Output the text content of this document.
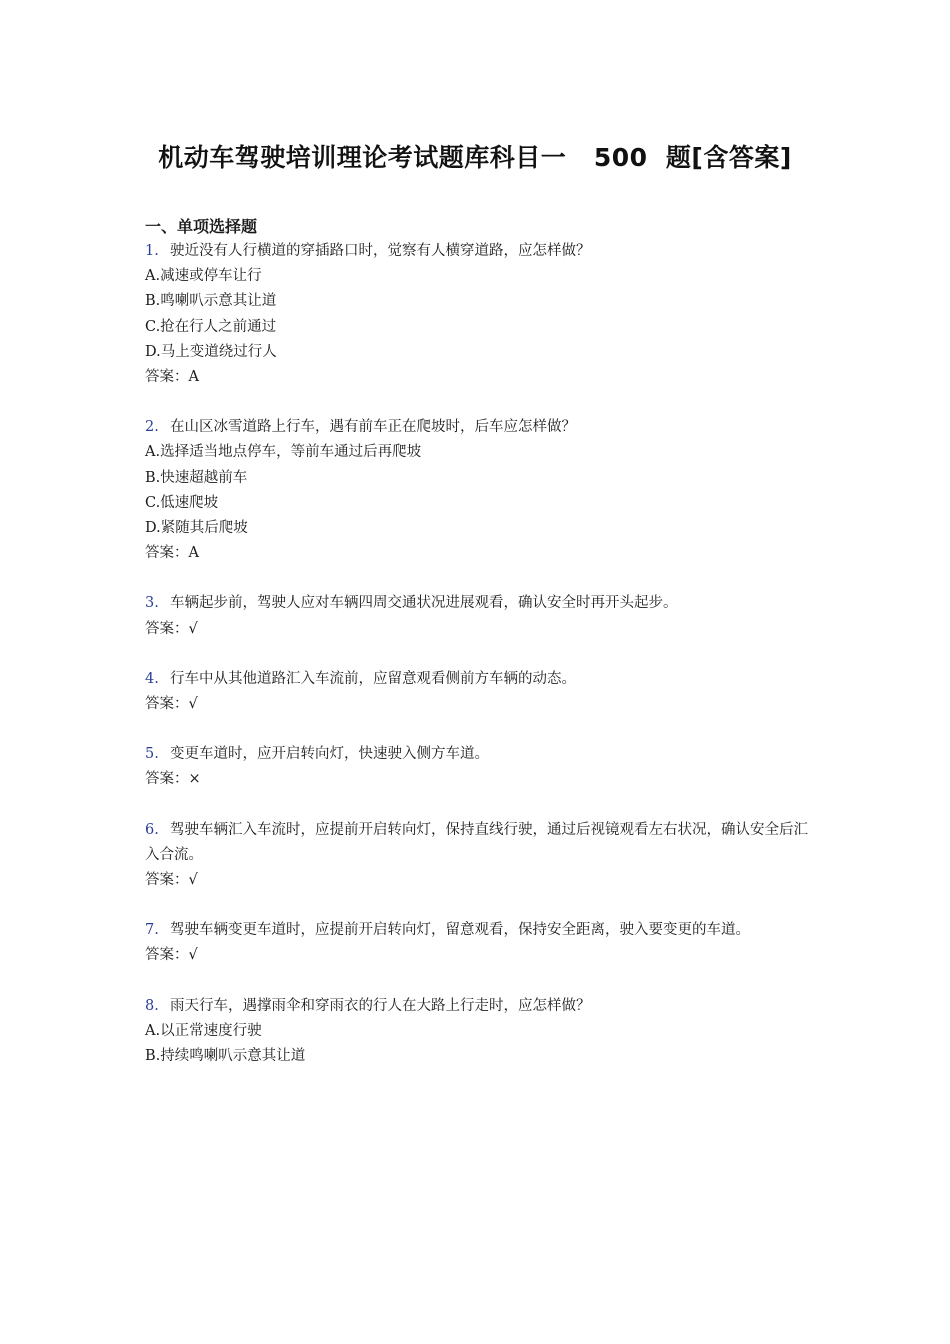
机动车驾驶培训理论考试题库科目一   500  题[含答案]
一、单项选择题
1. 驶近没有人行横道的穿插路口时，觉察有人横穿道路，应怎样做？
A.减速或停车让行
B.鸣喇叭示意其让道
C.抢在行人之前通过
D.马上变道绕过行人
答案：A
2. 在山区冰雪道路上行车，遇有前车正在爬坡时，后车应怎样做？
A.选择适当地点停车，等前车通过后再爬坡
B.快速超越前车
C.低速爬坡
D.紧随其后爬坡
答案：A
3. 车辆起步前，驾驶人应对车辆四周交通状况进展观看，确认安全时再开头起步。
答案：√
4. 行车中从其他道路汇入车流前，应留意观看侧前方车辆的动态。
答案：√
5. 变更车道时，应开启转向灯，快速驶入侧方车道。
答案：×
6. 驾驶车辆汇入车流时，应提前开启转向灯，保持直线行驶，通过后视镜观看左右状况，确认安全后汇入合流。
答案：√
7. 驾驶车辆变更车道时，应提前开启转向灯，留意观看，保持安全距离，驶入要变更的车道。
答案：√
8. 雨天行车，遇撑雨伞和穿雨衣的行人在大路上行走时，应怎样做？
A.以正常速度行驶
B.持续鸣喇叭示意其让道
